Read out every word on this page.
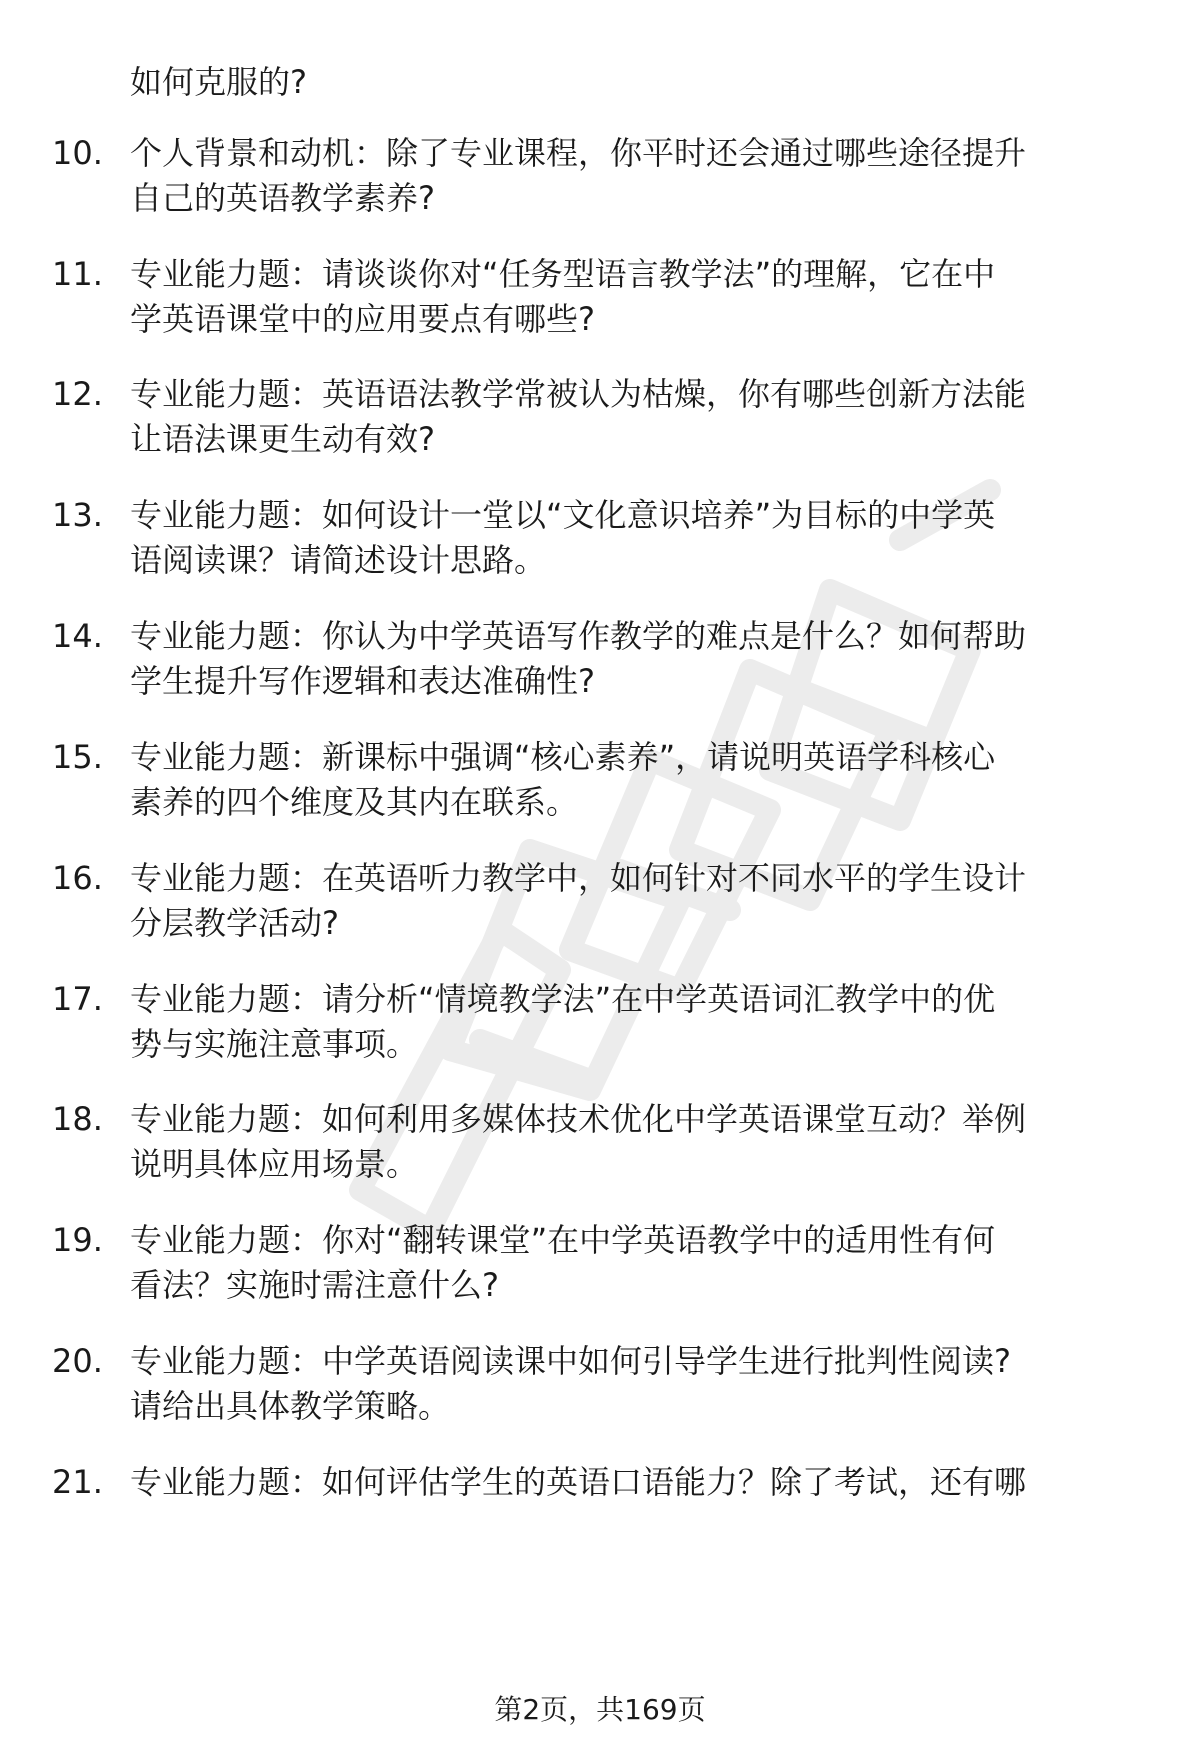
如何克服的?
10. 个人背景和动机：除了专业课程，你平时还会通过哪些途径提升
自己的英语教学素养?
11. 专业能力题：请谈谈你对“任务型语言教学法”的理解，它在中
学英语课堂中的应用要点有哪些?
12. 专业能力题：英语语法教学常被认为枯燥，你有哪些创新方法能
让语法课更生动有效?
13. 专业能力题：如何设计一堂以“文化意识培养”为目标的中学英
语阅读课？请简述设计思路。
14. 专业能力题：你认为中学英语写作教学的难点是什么？如何帮助
学生提升写作逻辑和表达准确性?
15. 专业能力题：新课标中强调“核心素养”，请说明英语学科核心
素养的四个维度及其内在联系。
16. 专业能力题：在英语听力教学中，如何针对不同水平的学生设计
分层教学活动?
17. 专业能力题：请分析“情境教学法”在中学英语词汇教学中的优
势与实施注意事项。
18. 专业能力题：如何利用多媒体技术优化中学英语课堂互动？举例
说明具体应用场景。
19. 专业能力题：你对“翻转课堂”在中学英语教学中的适用性有何
看法？实施时需注意什么?
20. 专业能力题：中学英语阅读课中如何引导学生进行批判性阅读?
请给出具体教学策略。
21. 专业能力题：如何评估学生的英语口语能力？除了考试，还有哪
第2页，共169页
